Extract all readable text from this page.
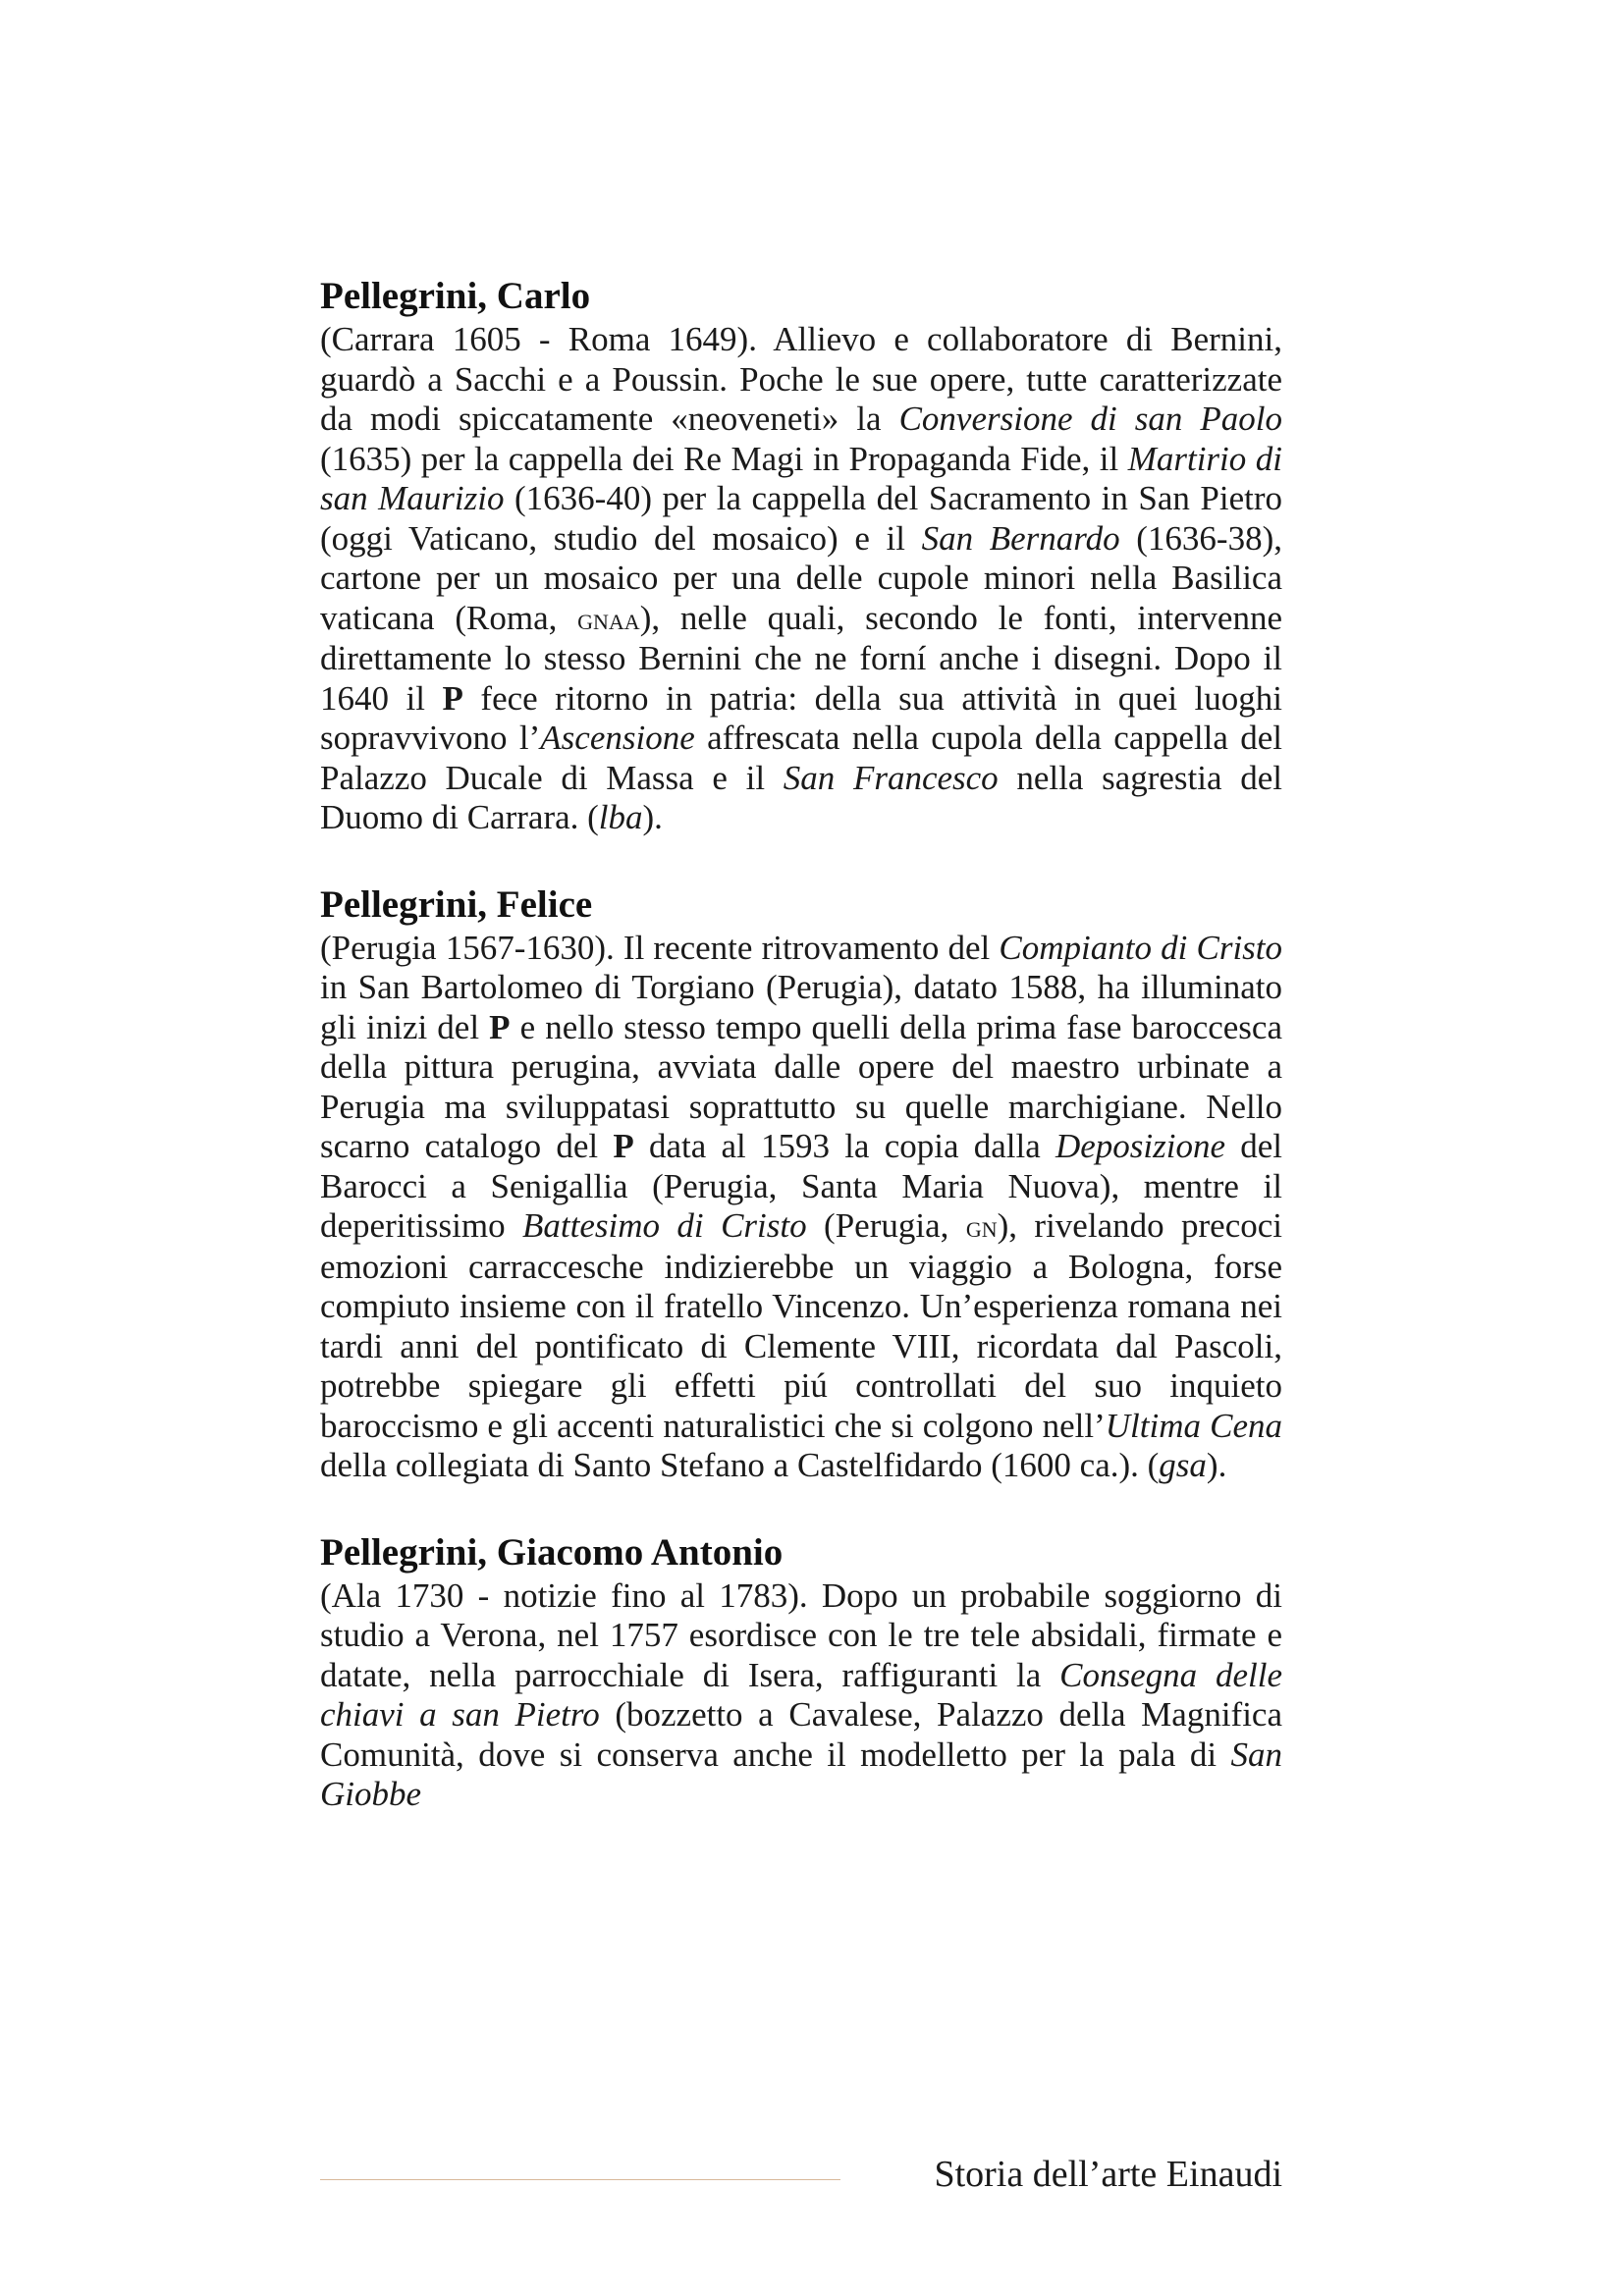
Pellegrini, Carlo

(Carrara 1605 - Roma 1649). Allievo e collaboratore di Bernini, guardò a Sacchi e a Poussin. Poche le sue opere, tutte caratterizzate da modi spiccatamente «neoveneti» la Conversione di san Paolo (1635) per la cappella dei Re Magi in Propaganda Fide, il Martirio di san Maurizio (1636-40) per la cappella del Sacramento in San Pietro (oggi Vaticano, studio del mosaico) e il San Bernardo (1636-38), cartone per un mosaico per una delle cupole minori nella Basilica vaticana (Roma, gnaa), nelle quali, secondo le fonti, intervenne direttamente lo stesso Bernini che ne forní anche i disegni. Dopo il 1640 il P fece ritorno in patria: della sua attività in quei luoghi sopravvivono l’Ascensione affrescata nella cupola della cappella del Palazzo Ducale di Massa e il San Francesco nella sagrestia del Duomo di Carrara. (lba).

Pellegrini, Felice

(Perugia 1567-1630). Il recente ritrovamento del Compianto di Cristo in San Bartolomeo di Torgiano (Perugia), datato 1588, ha illuminato gli inizi del P e nello stesso tempo quelli della prima fase baroccesca della pittura perugina, avviata dalle opere del maestro urbinate a Perugia ma sviluppatasi soprattutto su quelle marchigiane. Nello scarno catalogo del P data al 1593 la copia dalla Deposizione del Barocci a Senigallia (Perugia, Santa Maria Nuova), mentre il deperitissimo Battesimo di Cristo (Perugia, gn), rivelando precoci emozioni carraccesche indizierebbe un viaggio a Bologna, forse compiuto insieme con il fratello Vincenzo. Un’esperienza romana nei tardi anni del pontificato di Clemente VIII, ricordata dal Pascoli, potrebbe spiegare gli effetti piú controllati del suo inquieto baroccismo e gli accenti naturalistici che si colgono nell’Ultima Cena della collegiata di Santo Stefano a Castelfidardo (1600 ca.). (gsa).

Pellegrini, Giacomo Antonio

(Ala 1730 - notizie fino al 1783). Dopo un probabile soggiorno di studio a Verona, nel 1757 esordisce con le tre tele absidali, firmate e datate, nella parrocchiale di Isera, raffiguranti la Consegna delle chiavi a san Pietro (bozzetto a Cavalese, Palazzo della Magnifica Comunità, dove si conserva anche il modelletto per la pala di San Giobbe

Storia dell’arte Einaudi
